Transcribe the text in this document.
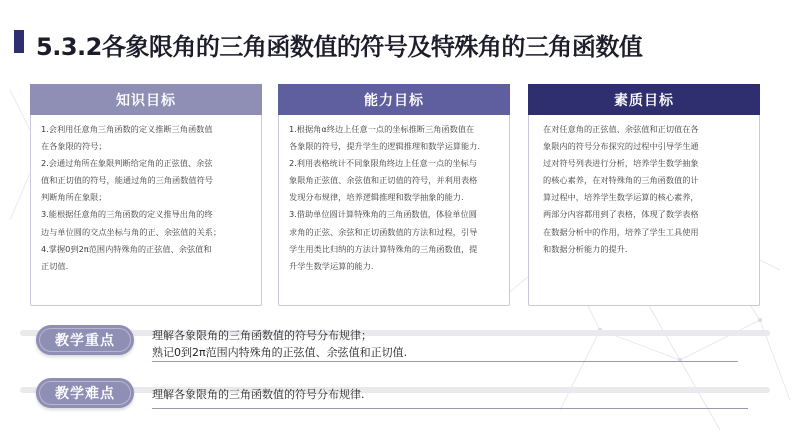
5.3.2各象限角的三角函数值的符号及特殊角的三角函数值
知识目标

1.会利用任意角三角函数的定义推断三角函数值

在各象限的符号；

2.会通过角所在象限判断给定角的正弦值、余弦

值和正切值的符号，能通过角的三角函数值符号

判断角所在象限；

3.能根据任意角的三角函数的定义推导出角的终

边与单位圆的交点坐标与角的正、余弦值的关系；

4.掌握0到2π范围内特殊角的正弦值、余弦值和

正切值.

能力目标

1.根据角α终边上任意一点的坐标推断三角函数值在

各象限的符号，提升学生的逻辑推理和数学运算能力.

2.利用表格统计不同象限角终边上任意一点的坐标与

象限角正弦值、余弦值和正切值的符号，并利用表格

发现分布规律，培养逻辑推理和数学抽象的能力.

3.借助单位圆计算特殊角的三角函数值，体验单位圆

求角的正弦、余弦和正切函数值的方法和过程，引导

学生用类比归纳的方法计算特殊角的三角函数值，提

升学生数学运算的能力.

素质目标

在对任意角的正弦值、余弦值和正切值在各

象限内的符号分布探究的过程中引导学生通

过对符号列表进行分析，培养学生数学抽象

的核心素养，在对特殊角的三角函数值的计

算过程中，培养学生数学运算的核心素养，

两部分内容都用到了表格，体现了数学表格

在数据分析中的作用，培养了学生工具使用

和数据分析能力的提升.

教学重点	理解各象限角的三角函数值的符号分布规律；
熟记0到2π范围内特殊角的正弦值、余弦值和正切值.
教学难点	理解各象限角的三角函数值的符号分布规律.
